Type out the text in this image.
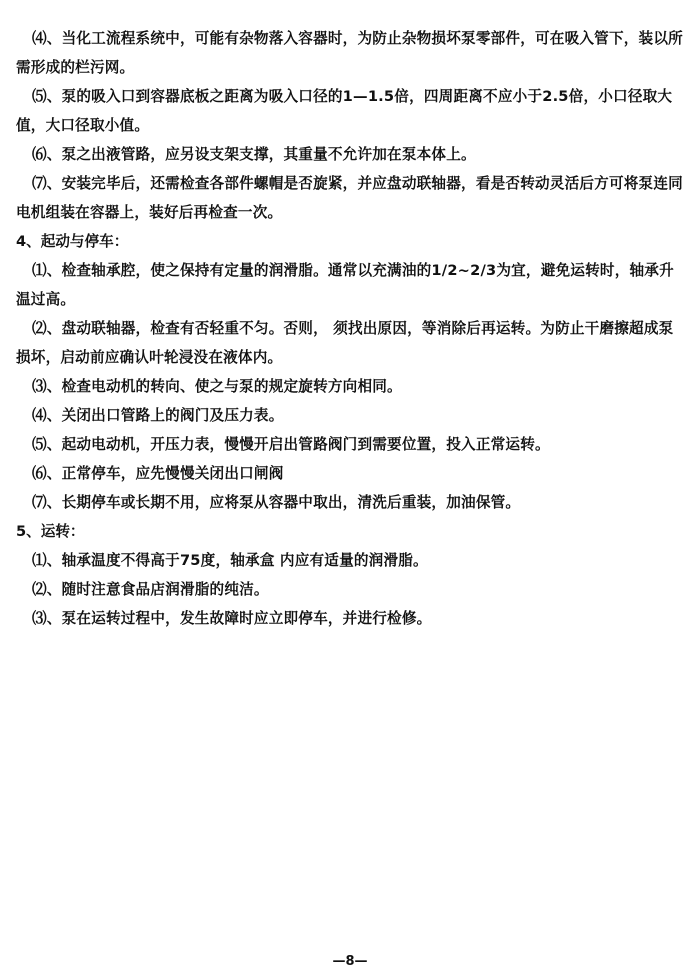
⑷、当化工流程系统中，可能有杂物落入容器时，为防止杂物损坏泵零部件，可在吸入管下，装以所需形成的栏污网。

⑸、泵的吸入口到容器底板之距离为吸入口径的1—1.5倍，四周距离不应小于2.5倍，小口径取大值，大口径取小值。

⑹、泵之出液管路，应另设支架支撑，其重量不允许加在泵本体上。

⑺、安装完毕后，还需检查各部件螺帽是否旋紧，并应盘动联轴器，看是否转动灵活后方可将泵连同电机组装在容器上，装好后再检查一次。

4、起动与停车：

⑴、检查轴承腔，使之保持有定量的润滑脂。通常以充满油的1/2~2/3为宜，避免运转时，轴承升温过高。

⑵、盘动联轴器，检查有否轻重不匀。否则， 须找出原因，等消除后再运转。为防止干磨擦超成泵损坏，启动前应确认叶轮浸没在液体内。

⑶、检查电动机的转向、使之与泵的规定旋转方向相同。

⑷、关闭出口管路上的阀门及压力表。

⑸、起动电动机，开压力表，慢慢开启出管路阀门到需要位置，投入正常运转。

⑹、正常停车，应先慢慢关闭出口闸阀

⑺、长期停车或长期不用，应将泵从容器中取出，清洗后重装，加油保管。

5、运转：

⑴、轴承温度不得高于75度，轴承盒 内应有适量的润滑脂。

⑵、随时注意食品店润滑脂的纯洁。

⑶、泵在运转过程中，发生故障时应立即停车，并进行检修。

—8—
